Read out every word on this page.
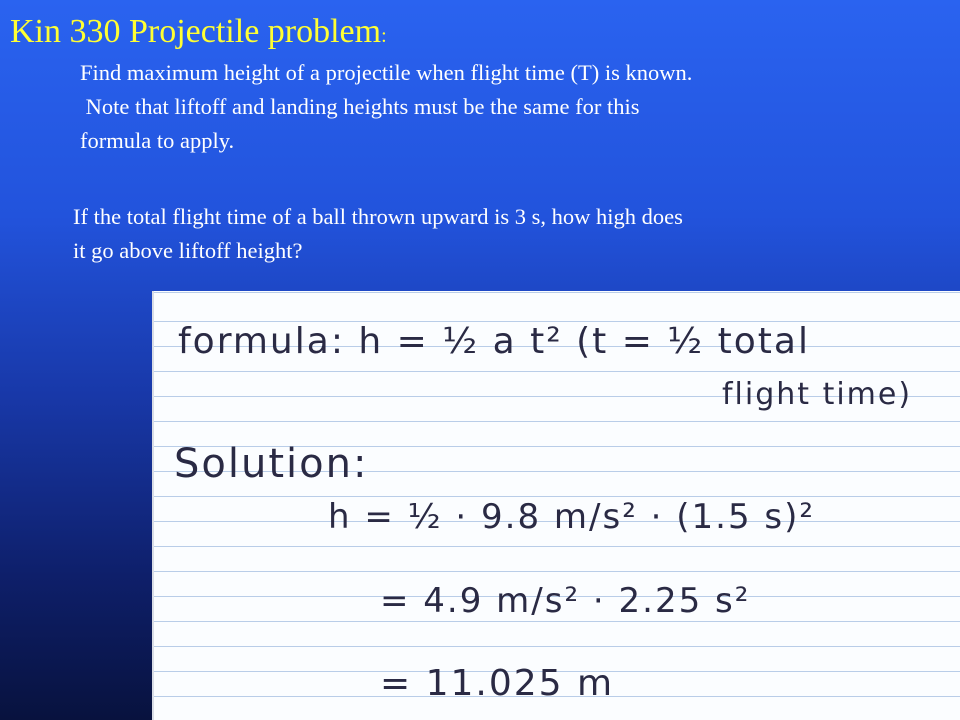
Kin 330 Projectile problem:
Find maximum height of a projectile when flight time (T) is known.
Note that liftoff and landing heights must be the same for this
formula to apply.
If the total flight time of a ball thrown upward is 3 s, how high does
it go above liftoff height?
formula: h = ½ a t² (t = ½ total
flight time)
Solution:
h = ½ · 9.8 m/s² · (1.5 s)²
= 4.9 m/s² · 2.25 s²
= 11.025 m
